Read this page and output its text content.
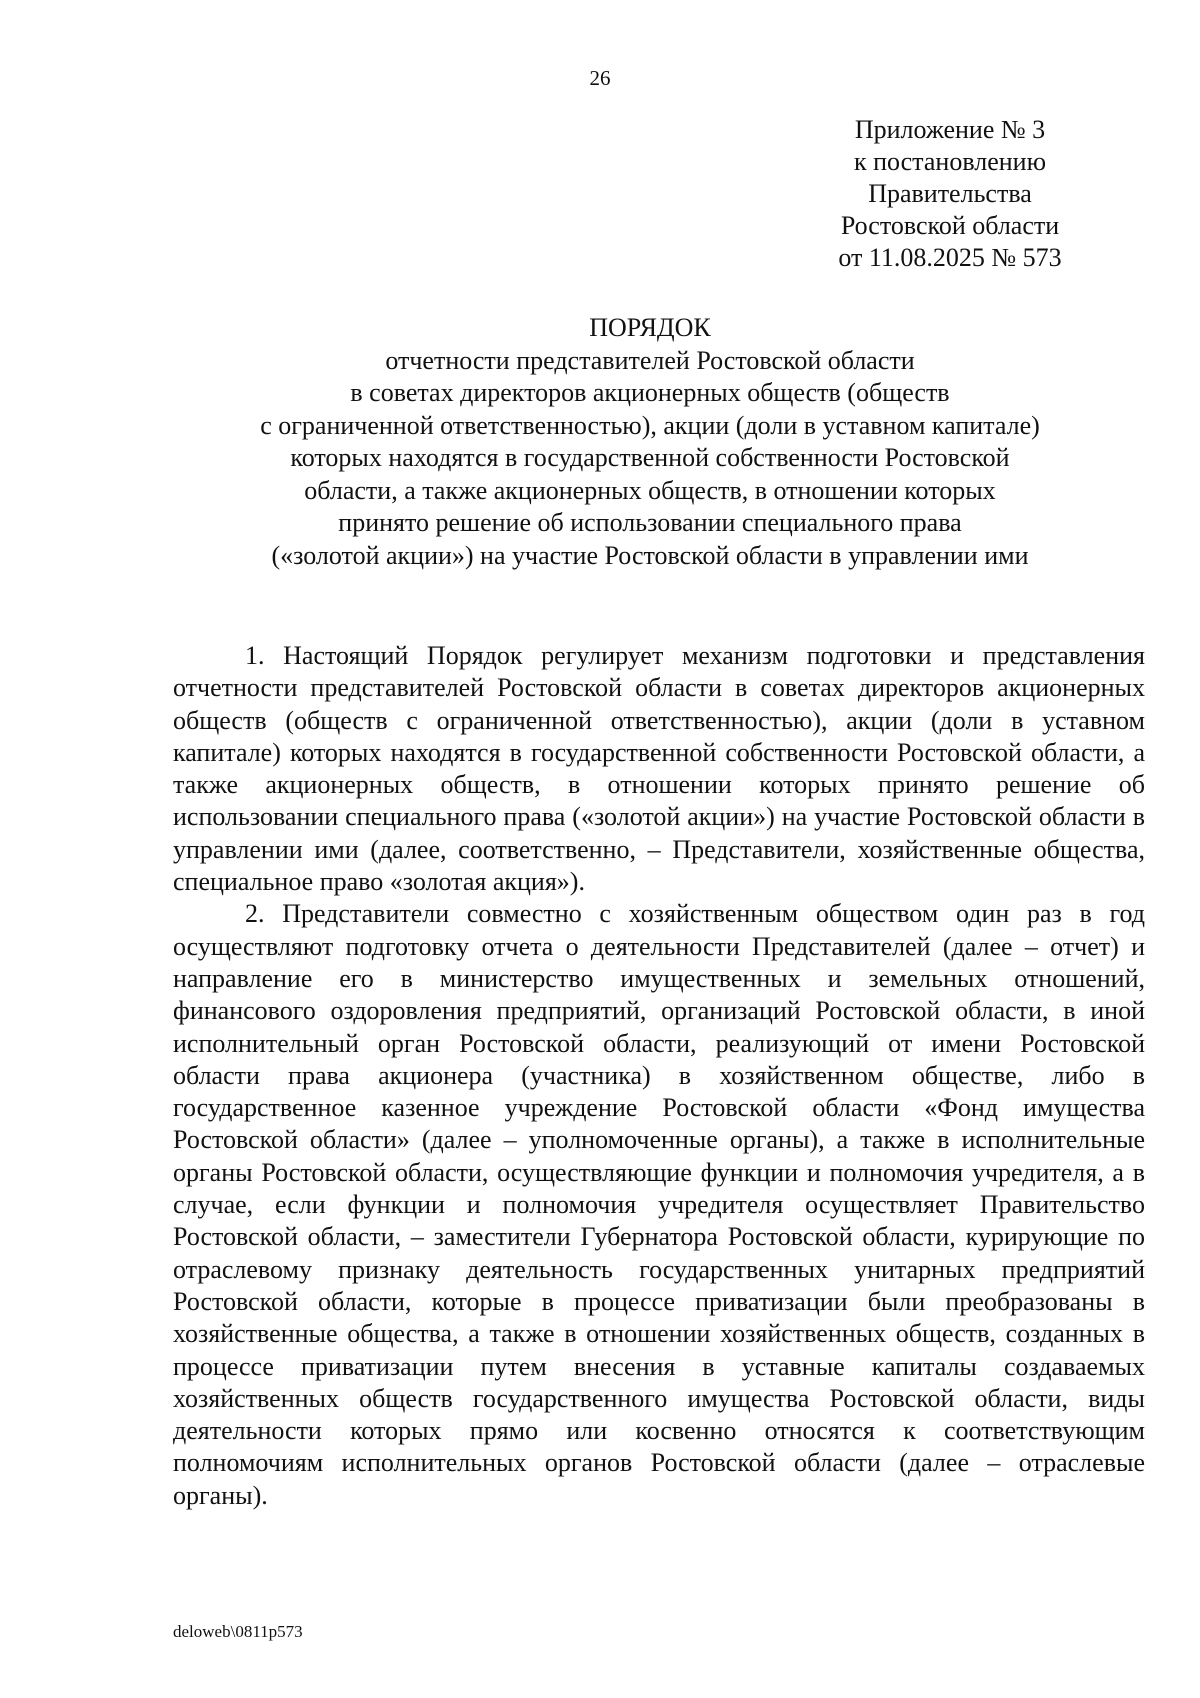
26
Приложение № 3
к постановлению
Правительства
Ростовской области
от 11.08.2025 № 573
ПОРЯДОК
отчетности представителей Ростовской области
в советах директоров акционерных обществ (обществ
с ограниченной ответственностью), акции (доли в уставном капитале)
которых находятся в государственной собственности Ростовской
области, а также акционерных обществ, в отношении которых
принято решение об использовании специального права
(«золотой акции») на участие Ростовской области в управлении ими

1. Настоящий Порядок регулирует механизм подготовки и представления отчетности представителей Ростовской области в советах директоров акционерных обществ (обществ с ограниченной ответственностью), акции (доли в уставном капитале) которых находятся в государственной собственности Ростовской области, а также акционерных обществ, в отношении которых принято решение об использовании специального права («золотой акции») на участие Ростовской области в управлении ими (далее, соответственно, – Представители, хозяйственные общества, специальное право «золотая акция»).

2. Представители совместно с хозяйственным обществом один раз в год осуществляют подготовку отчета о деятельности Представителей (далее – отчет) и направление его в министерство имущественных и земельных отношений, финансового оздоровления предприятий, организаций Ростовской области, в иной исполнительный орган Ростовской области, реализующий от имени Ростовской области права акционера (участника) в хозяйственном обществе, либо в государственное казенное учреждение Ростовской области «Фонд имущества Ростовской области» (далее – уполномоченные органы), а также в исполнительные органы Ростовской области, осуществляющие функции и полномочия учредителя, а в случае, если функции и полномочия учредителя осуществляет Правительство Ростовской области, – заместители Губернатора Ростовской области, курирующие по отраслевому признаку деятельность государственных унитарных предприятий Ростовской области, которые в процессе приватизации были преобразованы в хозяйственные общества, а также в отношении хозяйственных обществ, созданных в процессе приватизации путем внесения в уставные капиталы создаваемых хозяйственных обществ государственного имущества Ростовской области, виды деятельности которых прямо или косвенно относятся к соответствующим полномочиям исполнительных органов Ростовской области (далее – отраслевые органы).

deloweb\0811p573
